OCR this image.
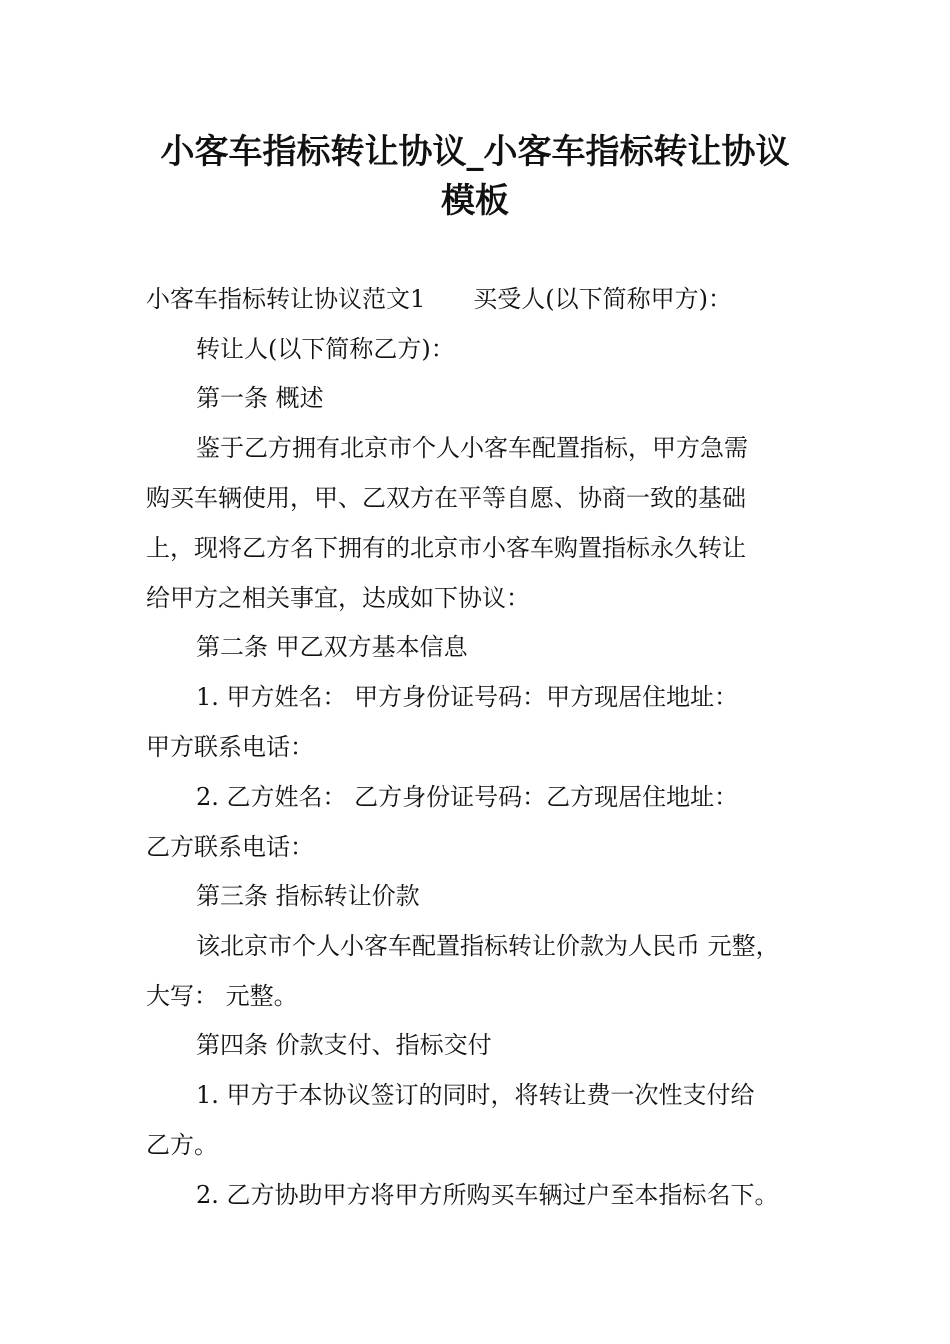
小客车指标转让协议_小客车指标转让协议
模板

小客车指标转让协议范文1 买受人(以下简称甲方)：

转让人(以下简称乙方)：

第一条 概述

鉴于乙方拥有北京市个人小客车配置指标，甲方急需

购买车辆使用，甲、乙双方在平等自愿、协商一致的基础

上，现将乙方名下拥有的北京市小客车购置指标永久转让

给甲方之相关事宜，达成如下协议：

第二条 甲乙双方基本信息

1. 甲方姓名： 甲方身份证号码：甲方现居住地址：

甲方联系电话：

2. 乙方姓名： 乙方身份证号码：乙方现居住地址：

乙方联系电话：

第三条 指标转让价款

该北京市个人小客车配置指标转让价款为人民币 元整，

大写： 元整。

第四条 价款支付、指标交付

1. 甲方于本协议签订的同时，将转让费一次性支付给

乙方。

2. 乙方协助甲方将甲方所购买车辆过户至本指标名下。
